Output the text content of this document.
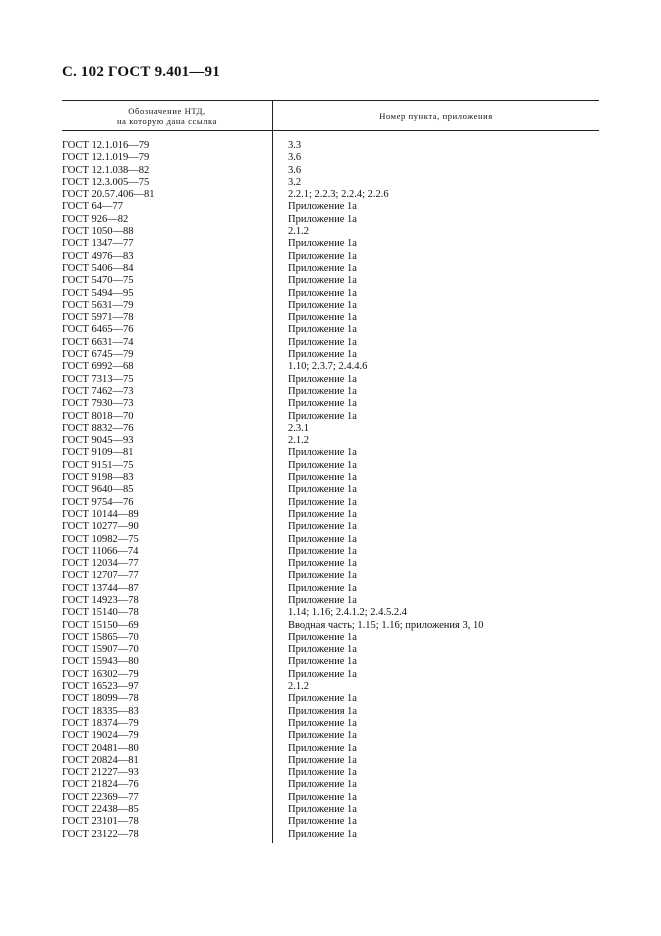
С. 102 ГОСТ 9.401—91
Обозначение НТД,
на которую дана ссылка	Номер пункта, приложения
ГОСТ 12.1.016—79	3.3
ГОСТ 12.1.019—79	3.6
ГОСТ 12.1.038—82	3.6
ГОСТ 12.3.005—75	3.2
ГОСТ 20.57.406—81	2.2.1; 2.2.3; 2.2.4; 2.2.6
ГОСТ 64—77	Приложение 1а
ГОСТ 926—82	Приложение 1а
ГОСТ 1050—88	2.1.2
ГОСТ 1347—77	Приложение 1а
ГОСТ 4976—83	Приложение 1а
ГОСТ 5406—84	Приложение 1а
ГОСТ 5470—75	Приложение 1а
ГОСТ 5494—95	Приложение 1а
ГОСТ 5631—79	Приложение 1а
ГОСТ 5971—78	Приложение 1а
ГОСТ 6465—76	Приложение 1а
ГОСТ 6631—74	Приложение 1а
ГОСТ 6745—79	Приложение 1а
ГОСТ 6992—68	1.10; 2.3.7; 2.4.4.6
ГОСТ 7313—75	Приложение 1а
ГОСТ 7462—73	Приложение 1а
ГОСТ 7930—73	Приложение 1а
ГОСТ 8018—70	Приложение 1а
ГОСТ 8832—76	2.3.1
ГОСТ 9045—93	2.1.2
ГОСТ 9109—81	Приложение 1а
ГОСТ 9151—75	Приложение 1а
ГОСТ 9198—83	Приложение 1а
ГОСТ 9640—85	Приложение 1а
ГОСТ 9754—76	Приложение 1а
ГОСТ 10144—89	Приложение 1а
ГОСТ 10277—90	Приложение 1а
ГОСТ 10982—75	Приложение 1а
ГОСТ 11066—74	Приложение 1а
ГОСТ 12034—77	Приложение 1а
ГОСТ 12707—77	Приложение 1а
ГОСТ 13744—87	Приложение 1а
ГОСТ 14923—78	Приложение 1а
ГОСТ 15140—78	1.14; 1.16; 2.4.1.2; 2.4.5.2.4
ГОСТ 15150—69	Вводная часть; 1.15; 1.16; приложения 3, 10
ГОСТ 15865—70	Приложение 1а
ГОСТ 15907—70	Приложение 1а
ГОСТ 15943—80	Приложение 1а
ГОСТ 16302—79	Приложение 1а
ГОСТ 16523—97	2.1.2
ГОСТ 18099—78	Приложение 1а
ГОСТ 18335—83	Приложения 1а
ГОСТ 18374—79	Приложение 1а
ГОСТ 19024—79	Приложение 1а
ГОСТ 20481—80	Приложение 1а
ГОСТ 20824—81	Приложение 1а
ГОСТ 21227—93	Приложение 1а
ГОСТ 21824—76	Приложение 1а
ГОСТ 22369—77	Приложение 1а
ГОСТ 22438—85	Приложение 1а
ГОСТ 23101—78	Приложение 1а
ГОСТ 23122—78	Приложение 1а
